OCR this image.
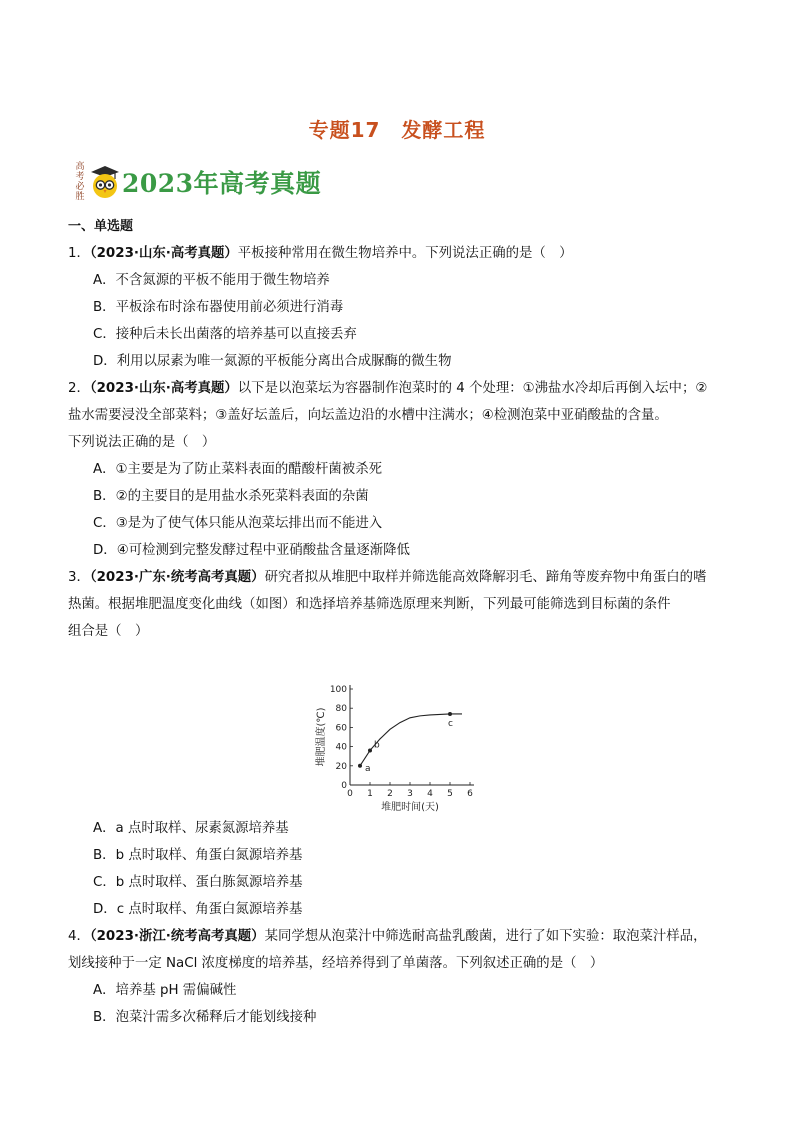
专题17　发酵工程
高
考
必
胜 2023年高考真题
一、单选题
1．（2023·山东·高考真题）平板接种常用在微生物培养中。下列说法正确的是（　）
A．不含氮源的平板不能用于微生物培养
B．平板涂布时涂布器使用前必须进行消毒
C．接种后未长出菌落的培养基可以直接丢弃
D．利用以尿素为唯一氮源的平板能分离出合成脲酶的微生物
2．（2023·山东·高考真题）以下是以泡菜坛为容器制作泡菜时的 4 个处理：①沸盐水冷却后再倒入坛中；②
盐水需要浸没全部菜料；③盖好坛盖后，向坛盖边沿的水槽中注满水；④检测泡菜中亚硝酸盐的含量。
下列说法正确的是（　）
A．①主要是为了防止菜料表面的醋酸杆菌被杀死
B．②的主要目的是用盐水杀死菜料表面的杂菌
C．③是为了使气体只能从泡菜坛排出而不能进入
D．④可检测到完整发酵过程中亚硝酸盐含量逐渐降低
3．（2023·广东·统考高考真题）研究者拟从堆肥中取样并筛选能高效降解羽毛、蹄角等废弃物中角蛋白的嗜
热菌。根据堆肥温度变化曲线（如图）和选择培养基筛选原理来判断，下列最可能筛选到目标菌的条件
组合是（　）
0 1 2 3 4 5 6
0
20
40
60
80
100
a
b
c
堆肥温度(℃)
堆肥时间(天)
A．a 点时取样、尿素氮源培养基
B．b 点时取样、角蛋白氮源培养基
C．b 点时取样、蛋白胨氮源培养基
D．c 点时取样、角蛋白氮源培养基
4．（2023·浙江·统考高考真题）某同学想从泡菜汁中筛选耐高盐乳酸菌，进行了如下实验：取泡菜汁样品，
划线接种于一定 NaCl 浓度梯度的培养基，经培养得到了单菌落。下列叙述正确的是（　）
A．培养基 pH 需偏碱性
B．泡菜汁需多次稀释后才能划线接种
